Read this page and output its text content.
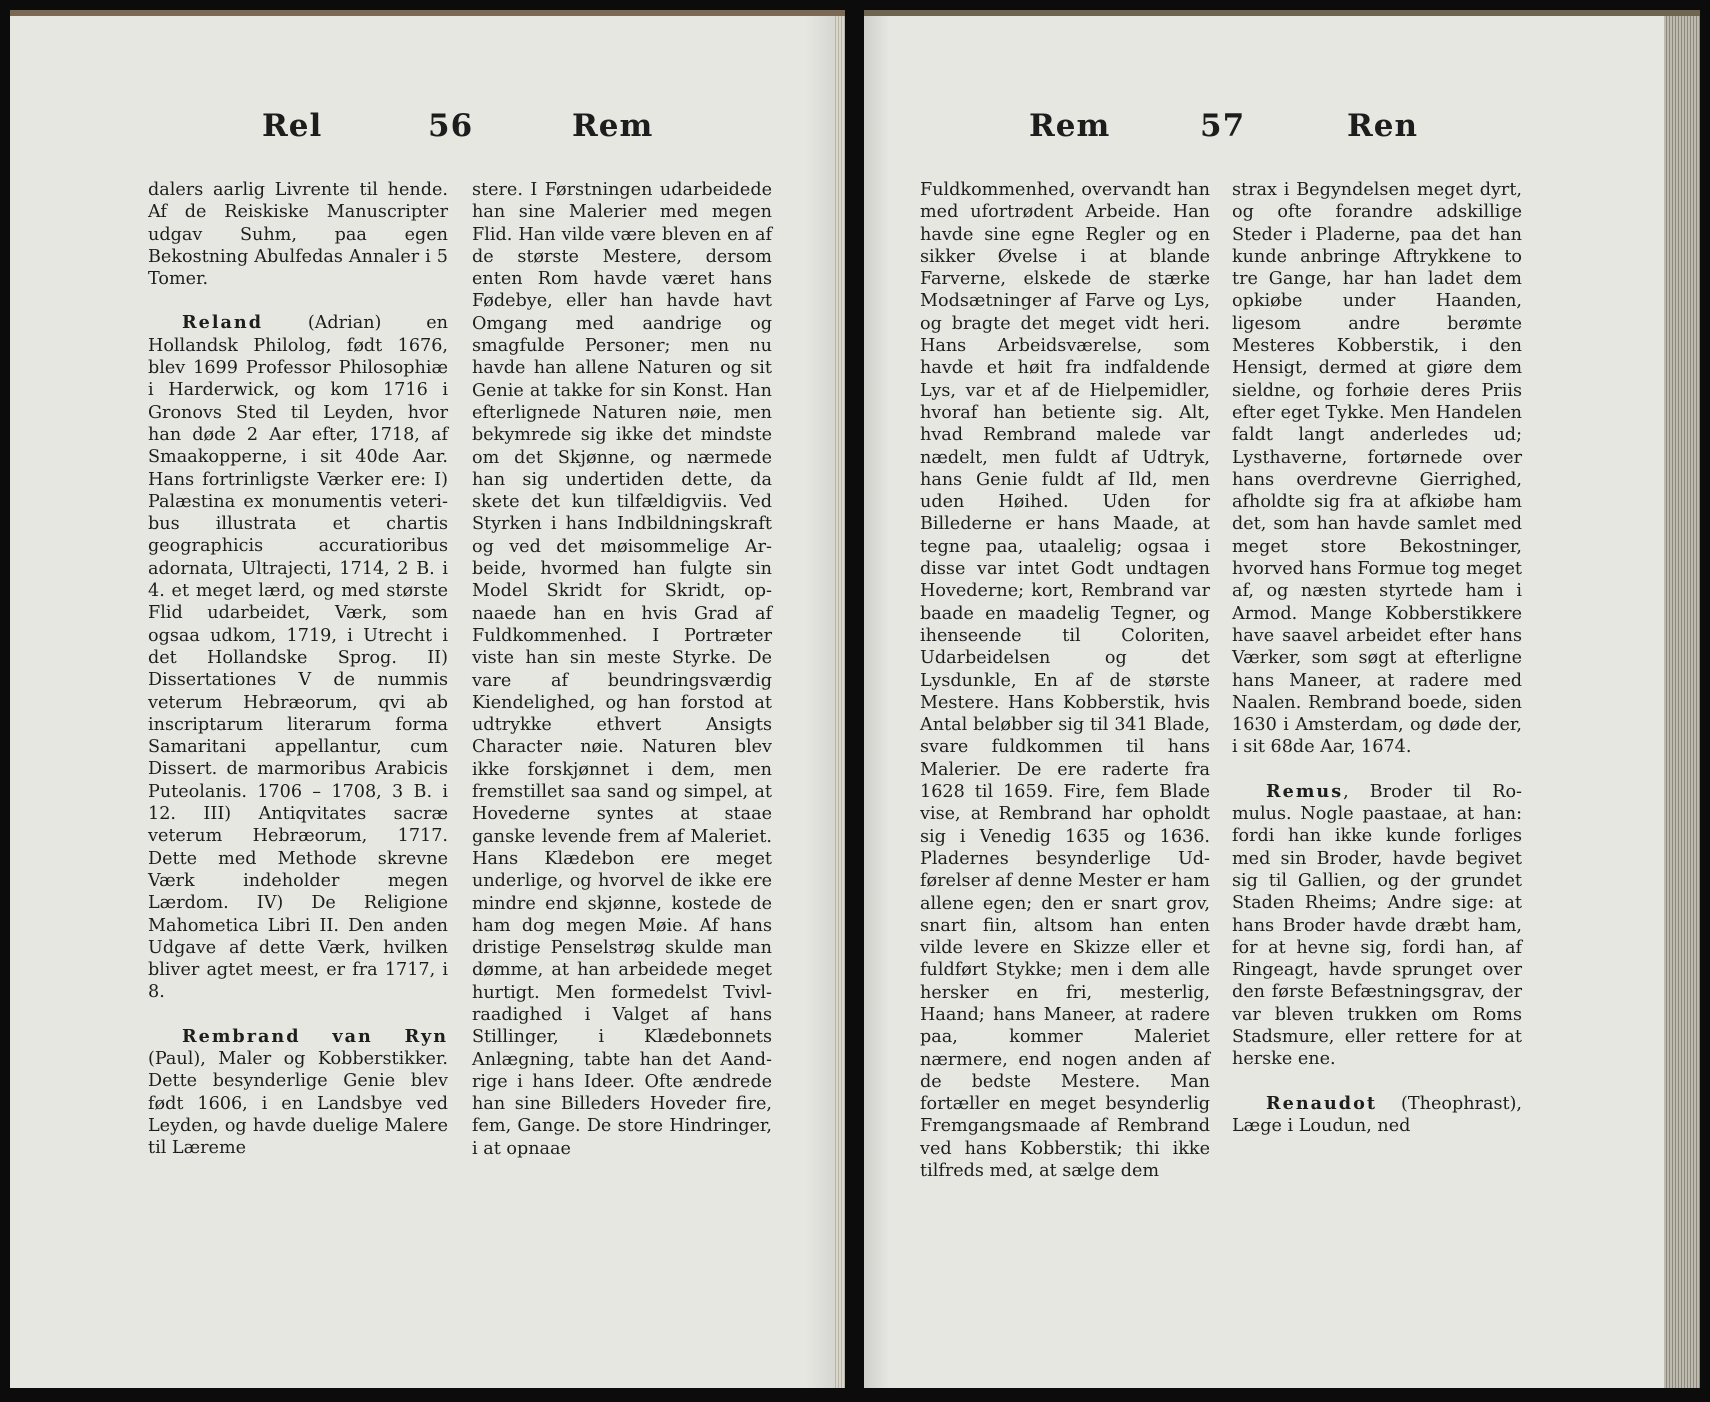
Rel	56	Rem

dalers aarlig Livrente til hende. Af de Reiskiske Manuscripter udgav Suhm, paa egen Bekostning Abulfedas Annaler i 5 Tomer.

Reland (Adrian) en Hollandsk Philolog, født 1676, blev 1699 Professor Philosophiæ i Harderwick, og kom 1716 i Gronovs Sted til Leyden, hvor han døde 2 Aar efter, 1718, af Smaakopperne, i sit 40de Aar. Hans fortrinligste Værker ere: I) Palæstina ex monumentis veteribus illustrata et chartis geographicis accuratioribus adornata, Ultrajecti, 1714, 2 B. i 4. et meget lærd, og med største Flid udarbeidet, Værk, som ogsaa udkom, 1719, i Utrecht i det Hollandske Sprog. II) Dissertationes V de nummis veterum Hebræorum, qvi ab inscriptarum literarum forma Samaritani appellantur, cum Dissert. de marmoribus Arabicis Puteolanis. 1706 – 1708, 3 B. i 12. III) Antiqvitates sacræ veterum Hebræorum, 1717. Dette med Methode skrevne Værk indeholder megen Lærdom. IV) De Religione Mahometica Libri II. Den anden Udgave af dette Værk, hvilken bliver agtet meest, er fra 1717, i 8.

Rembrand van Ryn (Paul), Maler og Kobberstikker. Dette besynderlige Genie blev født 1606, i en Landsbye ved Leyden, og havde duelige Malere til Læreme

stere. I Førstningen udarbeidede han sine Malerier med megen Flid. Han vilde være bleven en af de største Mestere, dersom enten Rom havde været hans Fødebye, eller han havde havt Omgang med aandrige og smagfulde Personer; men nu havde han allene Naturen og sit Genie at takke for sin Konst. Han efterlignede Naturen nøie, men bekymrede sig ikke det mindste om det Skjønne, og nærmede han sig undertiden dette, da skete det kun tilfældigviis. Ved Styrken i hans Indbildningskraft og ved det møisommelige Arbeide, hvormed han fulgte sin Model Skridt for Skridt, opnaaede han en hvis Grad af Fuldkommenhed. I Portræter viste han sin meste Styrke. De vare af beundringsværdig Kiendelighed, og han forstod at udtrykke ethvert Ansigts Character nøie. Naturen blev ikke forskjønnet i dem, men fremstillet saa sand og simpel, at Hovederne syntes at staae ganske levende frem af Maleriet. Hans Klædebon ere meget underlige, og hvorvel de ikke ere mindre end skjønne, kostede de ham dog megen Møie. Af hans dristige Penselstrøg skulde man dømme, at han arbeidede meget hurtigt. Men formedelst Tvivlraadighed i Valget af hans Stillinger, i Klædebonnets Anlægning, tabte han det Aandrige i hans Ideer. Ofte ændrede han sine Billeders Hoveder fire, fem, Gange. De store Hindringer, i at opnaae

Rem	57	Ren

Fuldkommenhed, overvandt han med ufortrødent Arbeide. Han havde sine egne Regler og en sikker Øvelse i at blande Farverne, elskede de stærke Modsætninger af Farve og Lys, og bragte det meget vidt heri. Hans Arbeidsværelse, som havde et høit fra indfaldende Lys, var et af de Hielpemidler, hvoraf han betiente sig. Alt, hvad Rembrand malede var nædelt, men fuldt af Udtryk, hans Genie fuldt af Ild, men uden Høihed. Uden for Billederne er hans Maade, at tegne paa, utaalelig; ogsaa i disse var intet Godt undtagen Hovederne; kort, Rembrand var baade en maadelig Tegner, og ihenseende til Coloriten, Udarbeidelsen og det Lysdunkle, En af de største Mestere. Hans Kobberstik, hvis Antal beløbber sig til 341 Blade, svare fuldkommen til hans Malerier. De ere raderte fra 1628 til 1659. Fire, fem Blade vise, at Rembrand har opholdt sig i Venedig 1635 og 1636. Pladernes besynderlige Udførelser af denne Mester er ham allene egen; den er snart grov, snart fiin, altsom han enten vilde levere en Skizze eller et fuldført Stykke; men i dem alle hersker en fri, mesterlig, Haand; hans Maneer, at radere paa, kommer Maleriet nærmere, end nogen anden af de bedste Mestere. Man fortæller en meget besynderlig Fremgangsmaade af Rembrand ved hans Kobberstik; thi ikke tilfreds med, at sælge dem

strax i Begyndelsen meget dyrt, og ofte forandre adskillige Steder i Pladerne, paa det han kunde anbringe Aftrykkene to tre Gange, har han ladet dem opkiøbe under Haanden, ligesom andre berømte Mesteres Kobberstik, i den Hensigt, dermed at giøre dem sieldne, og forhøie deres Priis efter eget Tykke. Men Handelen faldt langt anderledes ud; Lysthaverne, fortørnede over hans overdrevne Gierrighed, afholdte sig fra at afkiøbe ham det, som han havde samlet med meget store Bekostninger, hvorved hans Formue tog meget af, og næsten styrtede ham i Armod. Mange Kobberstikkere have saavel arbeidet efter hans Værker, som søgt at efterligne hans Maneer, at radere med Naalen. Rembrand boede, siden 1630 i Amsterdam, og døde der, i sit 68de Aar, 1674.

Remus, Broder til Romulus. Nogle paastaae, at han: fordi han ikke kunde forliges med sin Broder, havde begivet sig til Gallien, og der grundet Staden Rheims; Andre sige: at hans Broder havde dræbt ham, for at hevne sig, fordi han, af Ringeagt, havde sprunget over den første Befæstningsgrav, der var bleven trukken om Roms Stadsmure, eller rettere for at herske ene.

Renaudot (Theophrast), Læge i Loudun, ned
